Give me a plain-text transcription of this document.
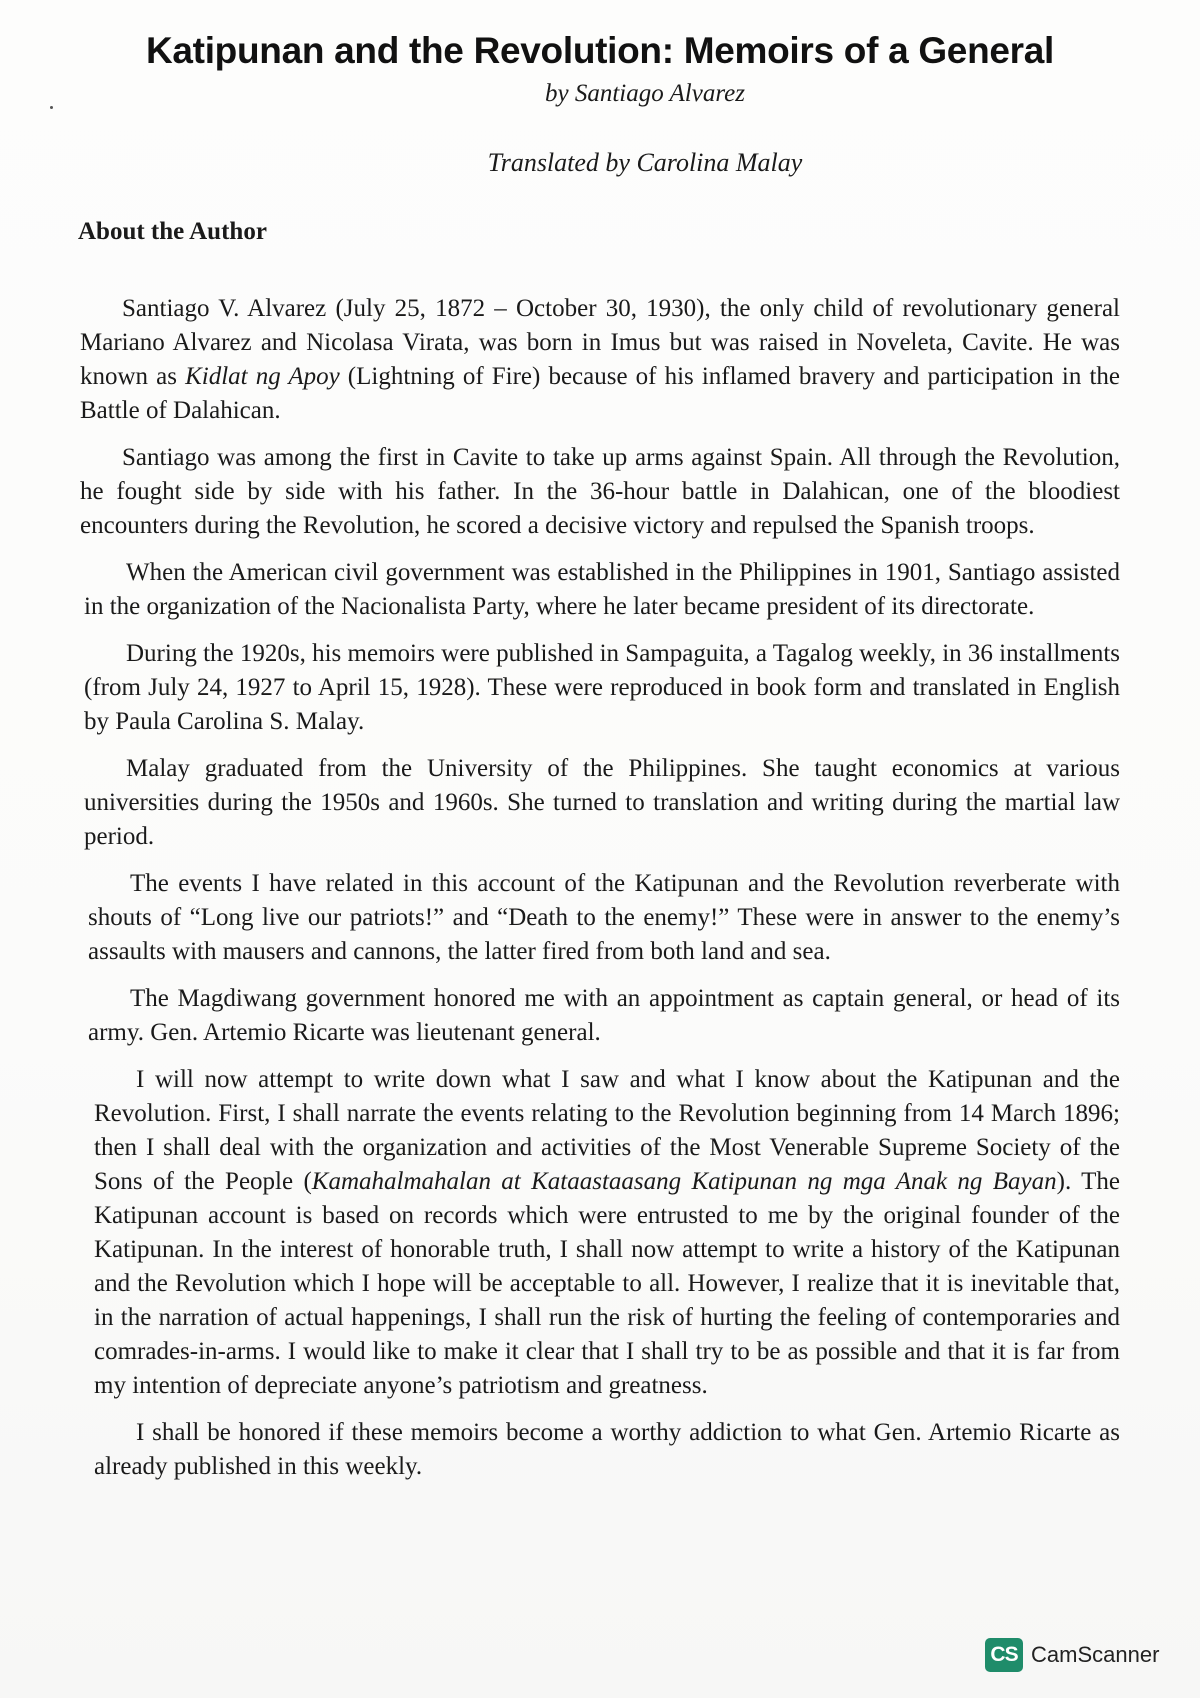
Katipunan and the Revolution: Memoirs of a General
by Santiago Alvarez
Translated by Carolina Malay
About the Author

Santiago V. Alvarez (July 25, 1872 – October 30, 1930), the only child of revolutionary general Mariano Alvarez and Nicolasa Virata, was born in Imus but was raised in Noveleta, Cavite. He was known as Kidlat ng Apoy (Lightning of Fire) because of his inflamed bravery and participation in the Battle of Dalahican.

Santiago was among the first in Cavite to take up arms against Spain. All through the Revolution, he fought side by side with his father. In the 36-hour battle in Dalahican, one of the bloodiest encounters during the Revolution, he scored a decisive victory and repulsed the Spanish troops.

When the American civil government was established in the Philippines in 1901, Santiago assisted in the organization of the Nacionalista Party, where he later became president of its directorate.

During the 1920s, his memoirs were published in Sampaguita, a Tagalog weekly, in 36 installments (from July 24, 1927 to April 15, 1928). These were reproduced in book form and translated in English by Paula Carolina S. Malay.

Malay graduated from the University of the Philippines. She taught economics at various universities during the 1950s and 1960s. She turned to translation and writing during the martial law period.

The events I have related in this account of the Katipunan and the Revolution reverberate with shouts of “Long live our patriots!” and “Death to the enemy!” These were in answer to the enemy’s assaults with mausers and cannons, the latter fired from both land and sea.

The Magdiwang government honored me with an appointment as captain general, or head of its army. Gen. Artemio Ricarte was lieutenant general.

I will now attempt to write down what I saw and what I know about the Katipunan and the Revolution. First, I shall narrate the events relating to the Revolution beginning from 14 March 1896; then I shall deal with the organization and activities of the Most Venerable Supreme Society of the Sons of the People (Kamahalmahalan at Kataastaasang Katipunan ng mga Anak ng Bayan). The Katipunan account is based on records which were entrusted to me by the original founder of the Katipunan. In the interest of honorable truth, I shall now attempt to write a history of the Katipunan and the Revolution which I hope will be acceptable to all. However, I realize that it is inevitable that, in the narration of actual happenings, I shall run the risk of hurting the feeling of contemporaries and comrades-in-arms. I would like to make it clear that I shall try to be as possible and that it is far from my intention of depreciate anyone’s patriotism and greatness.

I shall be honored if these memoirs become a worthy addiction to what Gen. Artemio Ricarte as already published in this weekly.

CS CamScanner
